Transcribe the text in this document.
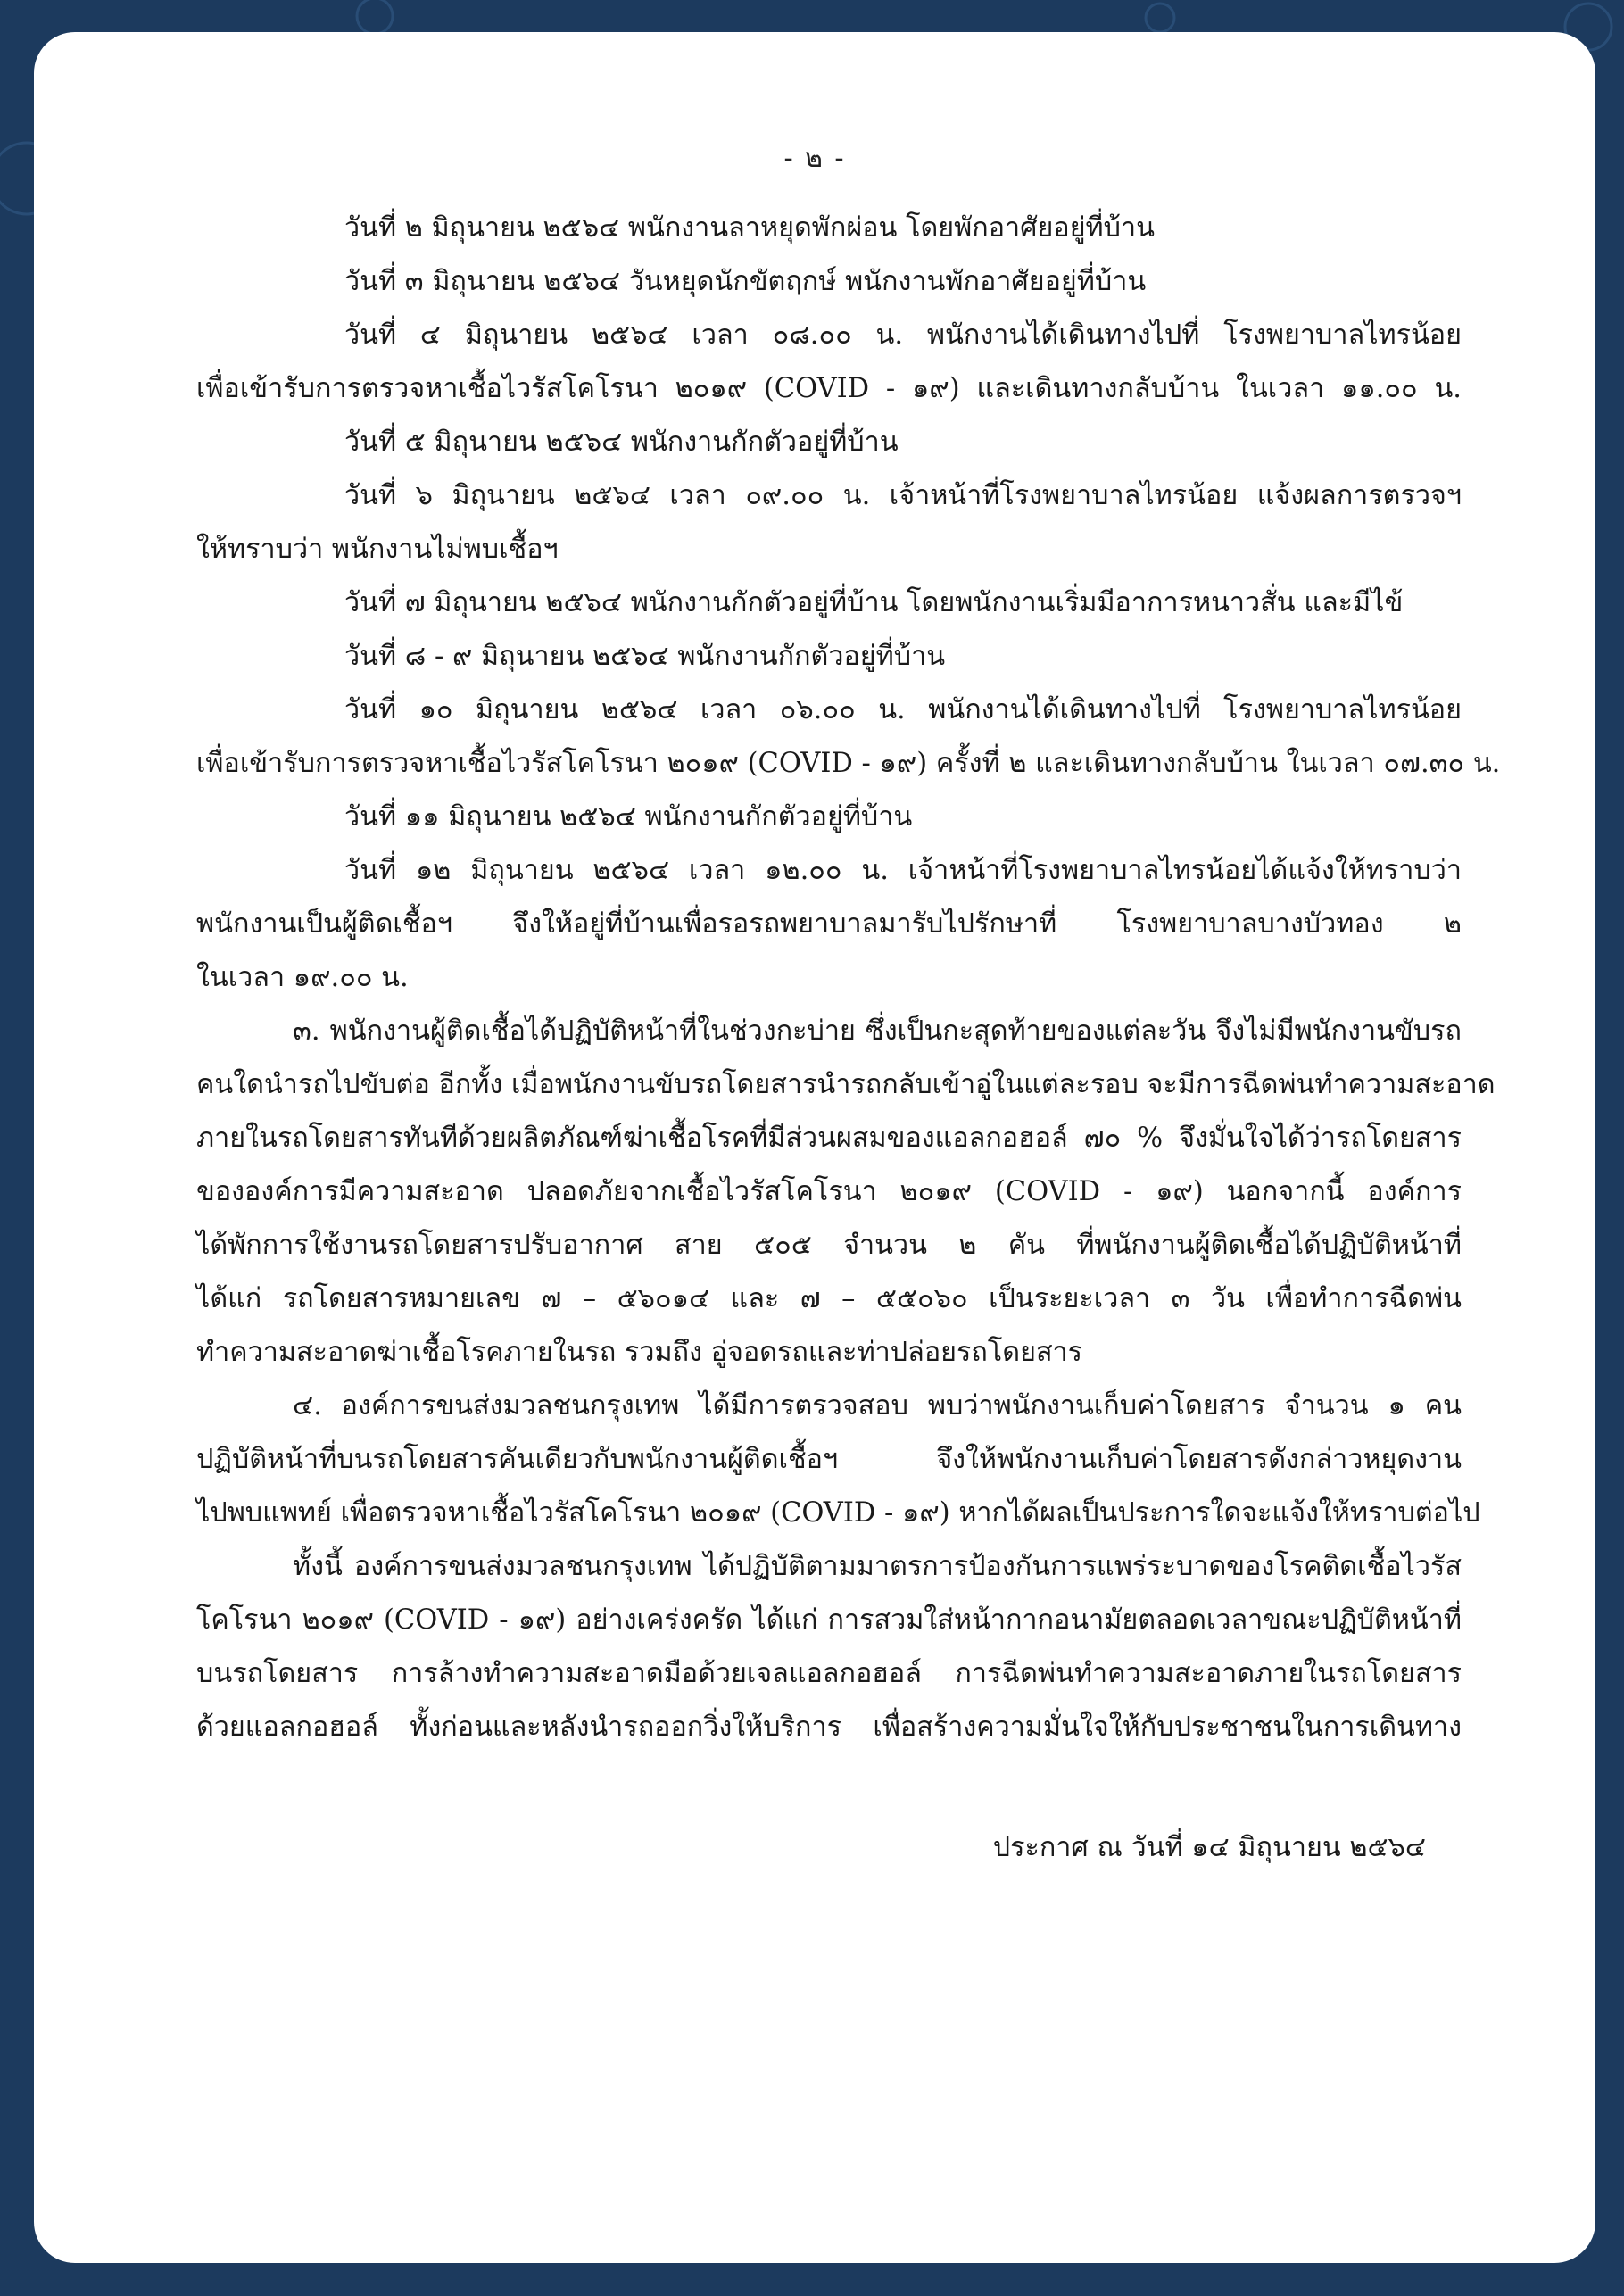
- ๒ -
วันที่ ๒ มิถุนายน ๒๕๖๔ พนักงานลาหยุดพักผ่อน โดยพักอาศัยอยู่ที่บ้าน
วันที่ ๓ มิถุนายน ๒๕๖๔ วันหยุดนักขัตฤกษ์ พนักงานพักอาศัยอยู่ที่บ้าน
วันที่ ๔ มิถุนายน ๒๕๖๔ เวลา ๐๘.๐๐ น. พนักงานได้เดินทางไปที่ โรงพยาบาลไทรน้อย
เพื่อเข้ารับการตรวจหาเชื้อไวรัสโคโรนา ๒๐๑๙ (COVID - ๑๙) และเดินทางกลับบ้าน ในเวลา ๑๑.๐๐ น.
วันที่ ๕ มิถุนายน ๒๕๖๔ พนักงานกักตัวอยู่ที่บ้าน
วันที่ ๖ มิถุนายน ๒๕๖๔ เวลา ๐๙.๐๐ น. เจ้าหน้าที่โรงพยาบาลไทรน้อย แจ้งผลการตรวจฯ
ให้ทราบว่า พนักงานไม่พบเชื้อฯ
วันที่ ๗ มิถุนายน ๒๕๖๔ พนักงานกักตัวอยู่ที่บ้าน โดยพนักงานเริ่มมีอาการหนาวสั่น และมีไข้
วันที่ ๘ - ๙ มิถุนายน ๒๕๖๔ พนักงานกักตัวอยู่ที่บ้าน
วันที่ ๑๐ มิถุนายน ๒๕๖๔ เวลา ๐๖.๐๐ น. พนักงานได้เดินทางไปที่ โรงพยาบาลไทรน้อย
เพื่อเข้ารับการตรวจหาเชื้อไวรัสโคโรนา ๒๐๑๙ (COVID - ๑๙) ครั้งที่ ๒ และเดินทางกลับบ้าน ในเวลา ๐๗.๓๐ น.
วันที่ ๑๑ มิถุนายน ๒๕๖๔ พนักงานกักตัวอยู่ที่บ้าน
วันที่ ๑๒ มิถุนายน ๒๕๖๔ เวลา ๑๒.๐๐ น. เจ้าหน้าที่โรงพยาบาลไทรน้อยได้แจ้งให้ทราบว่า
พนักงานเป็นผู้ติดเชื้อฯ จึงให้อยู่ที่บ้านเพื่อรอรถพยาบาลมารับไปรักษาที่ โรงพยาบาลบางบัวทอง ๒
ในเวลา ๑๙.๐๐ น.
๓. พนักงานผู้ติดเชื้อได้ปฏิบัติหน้าที่ในช่วงกะบ่าย ซึ่งเป็นกะสุดท้ายของแต่ละวัน จึงไม่มีพนักงานขับรถ
คนใดนำรถไปขับต่อ อีกทั้ง เมื่อพนักงานขับรถโดยสารนำรถกลับเข้าอู่ในแต่ละรอบ จะมีการฉีดพ่นทำความสะอาด
ภายในรถโดยสารทันทีด้วยผลิตภัณฑ์ฆ่าเชื้อโรคที่มีส่วนผสมของแอลกอฮอล์ ๗๐ % จึงมั่นใจได้ว่ารถโดยสาร
ขององค์การมีความสะอาด ปลอดภัยจากเชื้อไวรัสโคโรนา ๒๐๑๙ (COVID - ๑๙) นอกจากนี้ องค์การ
ได้พักการใช้งานรถโดยสารปรับอากาศ สาย ๕๐๕ จำนวน ๒ คัน ที่พนักงานผู้ติดเชื้อได้ปฏิบัติหน้าที่
ได้แก่ รถโดยสารหมายเลข ๗ – ๕๖๐๑๔ และ ๗ – ๕๕๐๖๐ เป็นระยะเวลา ๓ วัน เพื่อทำการฉีดพ่น
ทำความสะอาดฆ่าเชื้อโรคภายในรถ รวมถึง อู่จอดรถและท่าปล่อยรถโดยสาร
๔. องค์การขนส่งมวลชนกรุงเทพ ได้มีการตรวจสอบ พบว่าพนักงานเก็บค่าโดยสาร จำนวน ๑ คน
ปฏิบัติหน้าที่บนรถโดยสารคันเดียวกับพนักงานผู้ติดเชื้อฯ จึงให้พนักงานเก็บค่าโดยสารดังกล่าวหยุดงาน
ไปพบแพทย์ เพื่อตรวจหาเชื้อไวรัสโคโรนา ๒๐๑๙ (COVID - ๑๙) หากได้ผลเป็นประการใดจะแจ้งให้ทราบต่อไป
ทั้งนี้ องค์การขนส่งมวลชนกรุงเทพ ได้ปฏิบัติตามมาตรการป้องกันการแพร่ระบาดของโรคติดเชื้อไวรัส
โคโรนา ๒๐๑๙ (COVID - ๑๙) อย่างเคร่งครัด ได้แก่ การสวมใส่หน้ากากอนามัยตลอดเวลาขณะปฏิบัติหน้าที่
บนรถโดยสาร การล้างทำความสะอาดมือด้วยเจลแอลกอฮอล์ การฉีดพ่นทำความสะอาดภายในรถโดยสาร
ด้วยแอลกอฮอล์ ทั้งก่อนและหลังนำรถออกวิ่งให้บริการ เพื่อสร้างความมั่นใจให้กับประชาชนในการเดินทาง
ประกาศ ณ วันที่ ๑๔ มิถุนายน ๒๕๖๔
